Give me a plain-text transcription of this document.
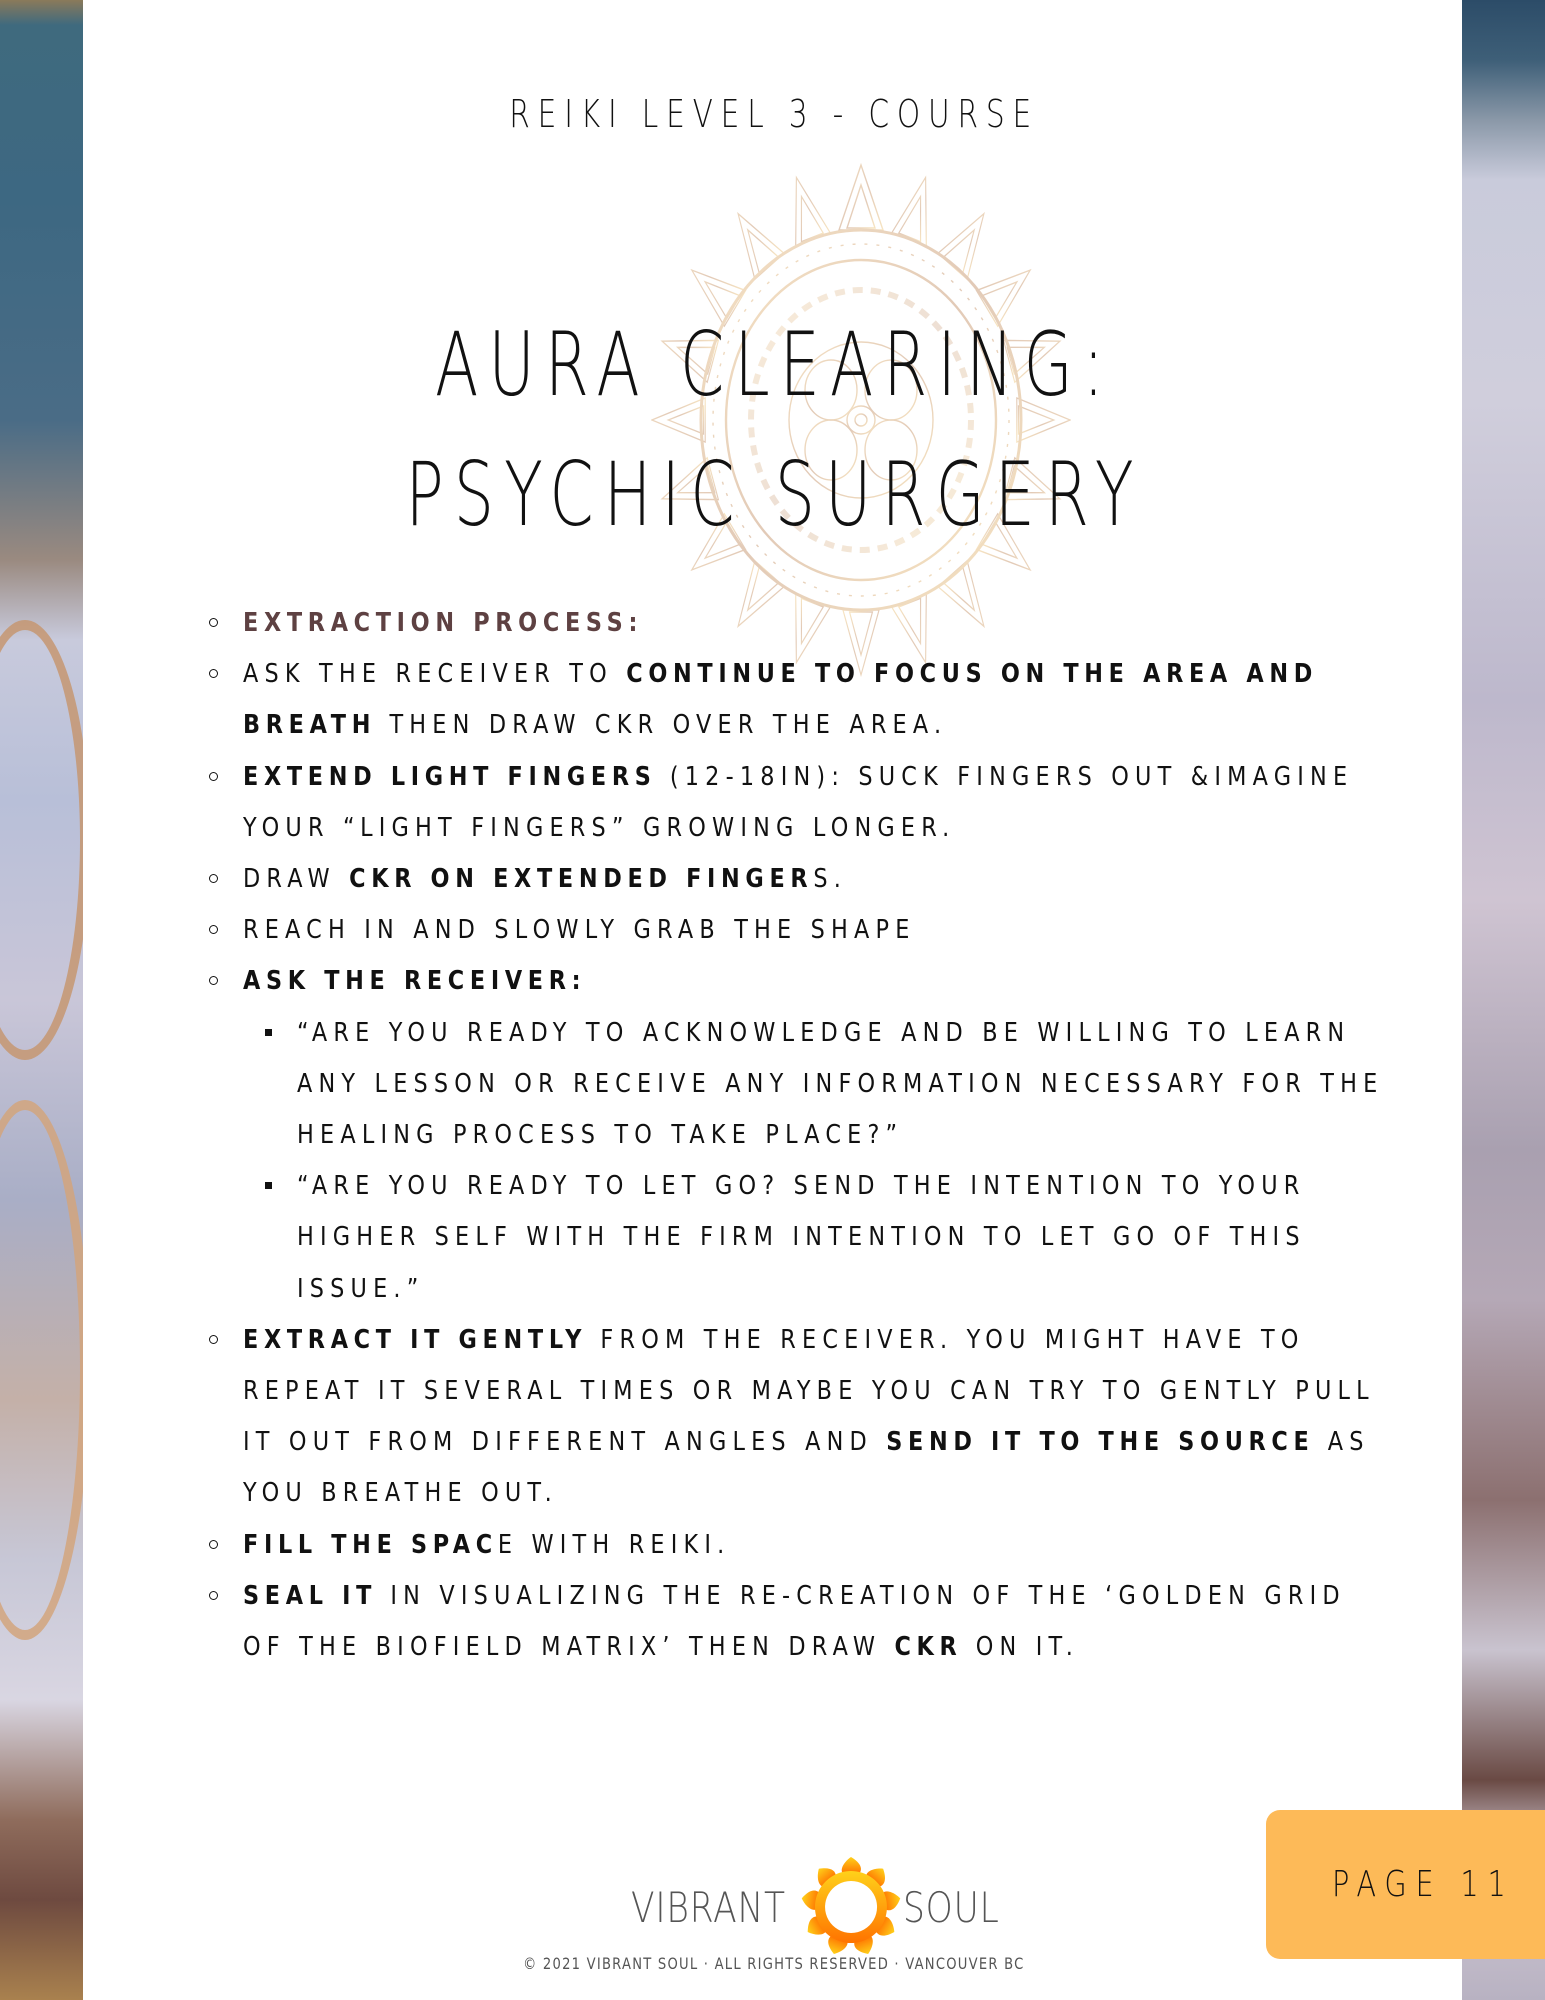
REIKI LEVEL 3 - COURSE
AURA CLEARING:
PSYCHIC SURGERY
EXTRACTION PROCESS:
ASK THE RECEIVER TO CONTINUE TO FOCUS ON THE AREA AND BREATH THEN DRAW CKR OVER THE AREA.
EXTEND LIGHT FINGERS (12-18IN): SUCK FINGERS OUT &IMAGINE YOUR “LIGHT FINGERS” GROWING LONGER.
DRAW CKR ON EXTENDED FINGERS.
REACH IN AND SLOWLY GRAB THE SHAPE
ASK THE RECEIVER:
“ARE YOU READY TO ACKNOWLEDGE AND BE WILLING TO LEARN ANY LESSON OR RECEIVE ANY INFORMATION NECESSARY FOR THE HEALING PROCESS TO TAKE PLACE?”
“ARE YOU READY TO LET GO? SEND THE INTENTION TO YOUR HIGHER SELF WITH THE FIRM INTENTION TO LET GO OF THIS ISSUE.”
EXTRACT IT GENTLY FROM THE RECEIVER. YOU MIGHT HAVE TO REPEAT IT SEVERAL TIMES OR MAYBE YOU CAN TRY TO GENTLY PULL IT OUT FROM DIFFERENT ANGLES AND SEND IT TO THE SOURCE AS YOU BREATHE OUT.
FILL THE SPACE WITH REIKI.
SEAL IT IN VISUALIZING THE RE-CREATION OF THE ‘GOLDEN GRID OF THE BIOFIELD MATRIX’ THEN DRAW CKR ON IT.
VIBRANT	SOUL
© 2021 VIBRANT SOUL · ALL RIGHTS RESERVED · VANCOUVER BC
PAGE 11
